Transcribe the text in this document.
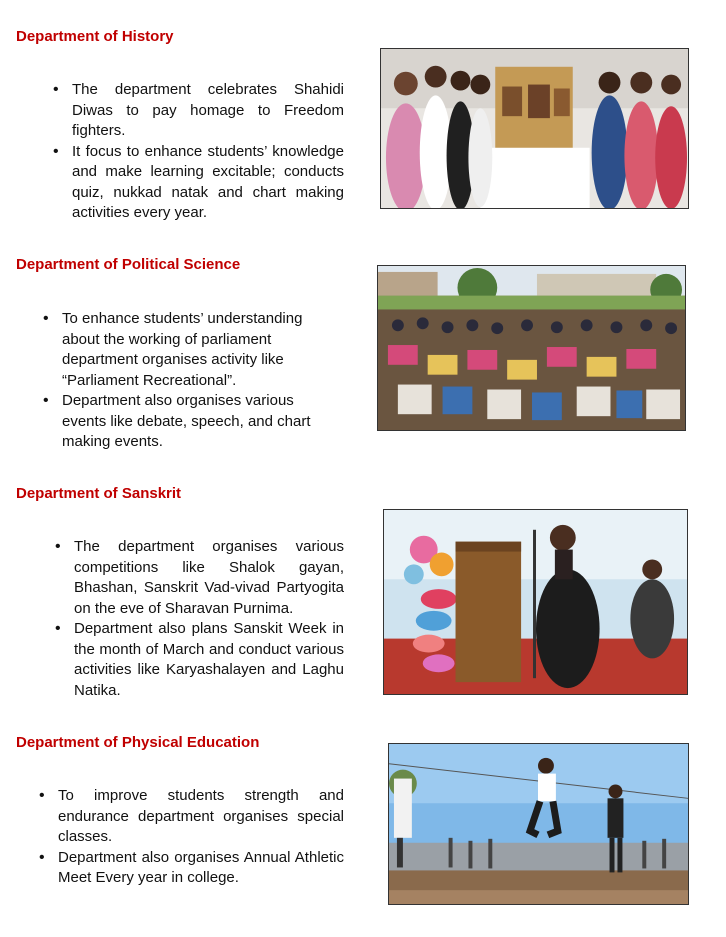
Department of History
• The department celebrates Shahidi Diwas to pay homage to Freedom fighters.
• It focus to enhance students’ knowledge and make learning excitable; conducts quiz, nukkad natak and chart making activities every year.
Department of Political Science
• To enhance students’ understanding about the working of parliament department organises activity like “Parliament Recreational”.
• Department also organises various events like debate, speech, and chart making events.
Department of Sanskrit
• The department organises various competitions like Shalok gayan, Bhashan, Sanskrit Vad-vivad Partyogita on the eve of Sharavan Purnima.
• Department also plans Sanskit Week in the month of March and conduct various activities like Karyashalayen and Laghu Natika.
Department of Physical Education
• To improve students strength and endurance department organises special classes.
• Department also organises Annual Athletic Meet Every year in college.
